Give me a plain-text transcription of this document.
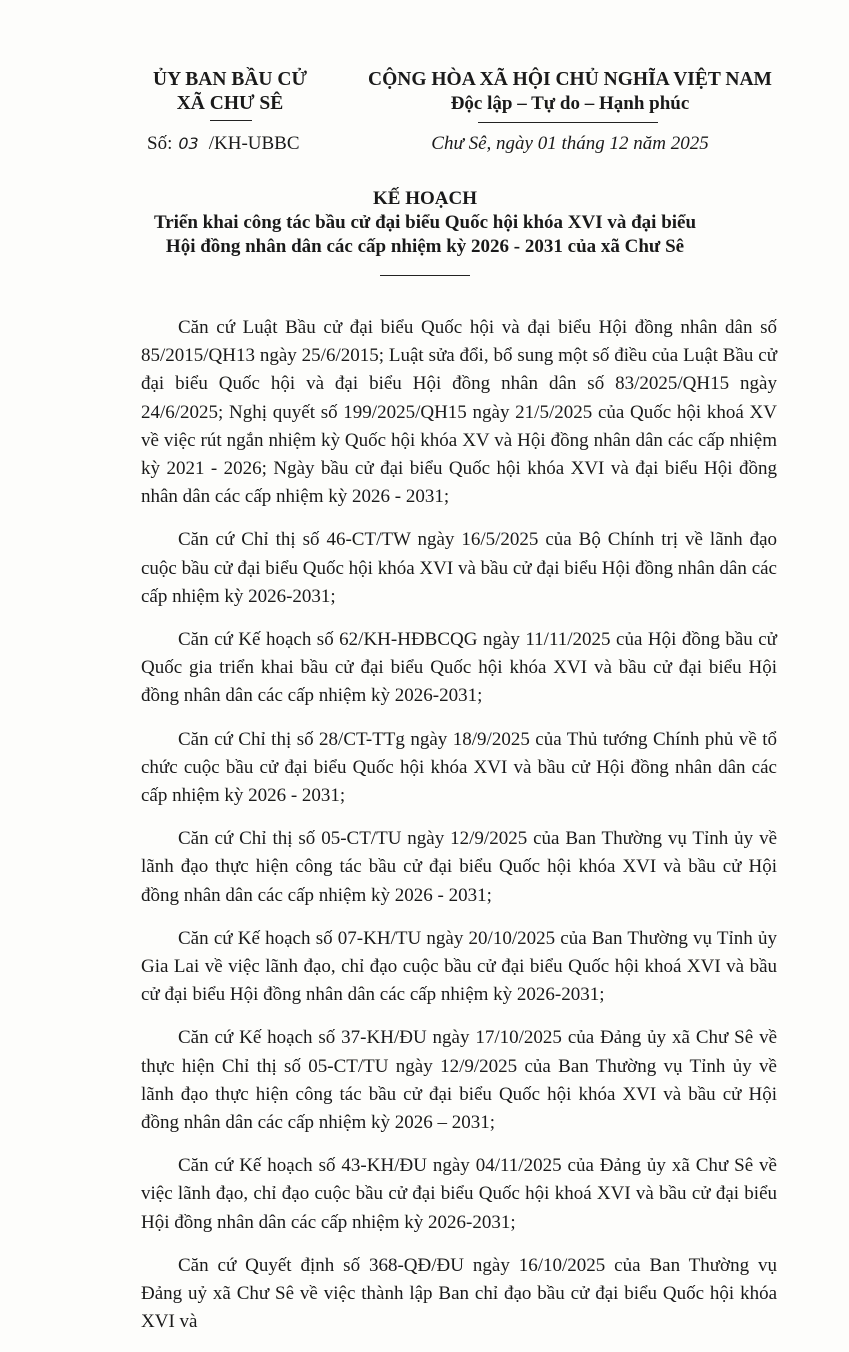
ỦY BAN BẦU CỬ
XÃ CHƯ SÊ
CỘNG HÒA XÃ HỘI CHỦ NGHĨA VIỆT NAM
Độc lập – Tự do – Hạnh phúc
Số: 03 /KH-UBBC	Chư Sê, ngày 01 tháng 12 năm 2025
KẾ HOẠCH
Triển khai công tác bầu cử đại biểu Quốc hội khóa XVI và đại biểu
Hội đồng nhân dân các cấp nhiệm kỳ 2026 - 2031 của xã Chư Sê

Căn cứ Luật Bầu cử đại biểu Quốc hội và đại biểu Hội đồng nhân dân số 85/2015/QH13 ngày 25/6/2015; Luật sửa đổi, bổ sung một số điều của Luật Bầu cử đại biểu Quốc hội và đại biểu Hội đồng nhân dân số 83/2025/QH15 ngày 24/6/2025; Nghị quyết số 199/2025/QH15 ngày 21/5/2025 của Quốc hội khoá XV về việc rút ngắn nhiệm kỳ Quốc hội khóa XV và Hội đồng nhân dân các cấp nhiệm kỳ 2021 - 2026; Ngày bầu cử đại biểu Quốc hội khóa XVI và đại biểu Hội đồng nhân dân các cấp nhiệm kỳ 2026 - 2031;

Căn cứ Chỉ thị số 46-CT/TW ngày 16/5/2025 của Bộ Chính trị về lãnh đạo cuộc bầu cử đại biểu Quốc hội khóa XVI và bầu cử đại biểu Hội đồng nhân dân các cấp nhiệm kỳ 2026-2031;

Căn cứ Kế hoạch số 62/KH-HĐBCQG ngày 11/11/2025 của Hội đồng bầu cử Quốc gia triển khai bầu cử đại biểu Quốc hội khóa XVI và bầu cử đại biểu Hội đồng nhân dân các cấp nhiệm kỳ 2026-2031;

Căn cứ Chỉ thị số 28/CT-TTg ngày 18/9/2025 của Thủ tướng Chính phủ về tổ chức cuộc bầu cử đại biểu Quốc hội khóa XVI và bầu cử Hội đồng nhân dân các cấp nhiệm kỳ 2026 - 2031;

Căn cứ Chỉ thị số 05-CT/TU ngày 12/9/2025 của Ban Thường vụ Tỉnh ủy về lãnh đạo thực hiện công tác bầu cử đại biểu Quốc hội khóa XVI và bầu cử Hội đồng nhân dân các cấp nhiệm kỳ 2026 - 2031;

Căn cứ Kế hoạch số 07-KH/TU ngày 20/10/2025 của Ban Thường vụ Tỉnh ủy Gia Lai về việc lãnh đạo, chỉ đạo cuộc bầu cử đại biểu Quốc hội khoá XVI và bầu cử đại biểu Hội đồng nhân dân các cấp nhiệm kỳ 2026-2031;

Căn cứ Kế hoạch số 37-KH/ĐU ngày 17/10/2025 của Đảng ủy xã Chư Sê về thực hiện Chỉ thị số 05-CT/TU ngày 12/9/2025 của Ban Thường vụ Tỉnh ủy về lãnh đạo thực hiện công tác bầu cử đại biểu Quốc hội khóa XVI và bầu cử Hội đồng nhân dân các cấp nhiệm kỳ 2026 – 2031;

Căn cứ Kế hoạch số 43-KH/ĐU ngày 04/11/2025 của Đảng ủy xã Chư Sê về việc lãnh đạo, chỉ đạo cuộc bầu cử đại biểu Quốc hội khoá XVI và bầu cử đại biểu Hội đồng nhân dân các cấp nhiệm kỳ 2026-2031;

Căn cứ Quyết định số 368-QĐ/ĐU ngày 16/10/2025 của Ban Thường vụ Đảng uỷ xã Chư Sê về việc thành lập Ban chỉ đạo bầu cử đại biểu Quốc hội khóa XVI và
